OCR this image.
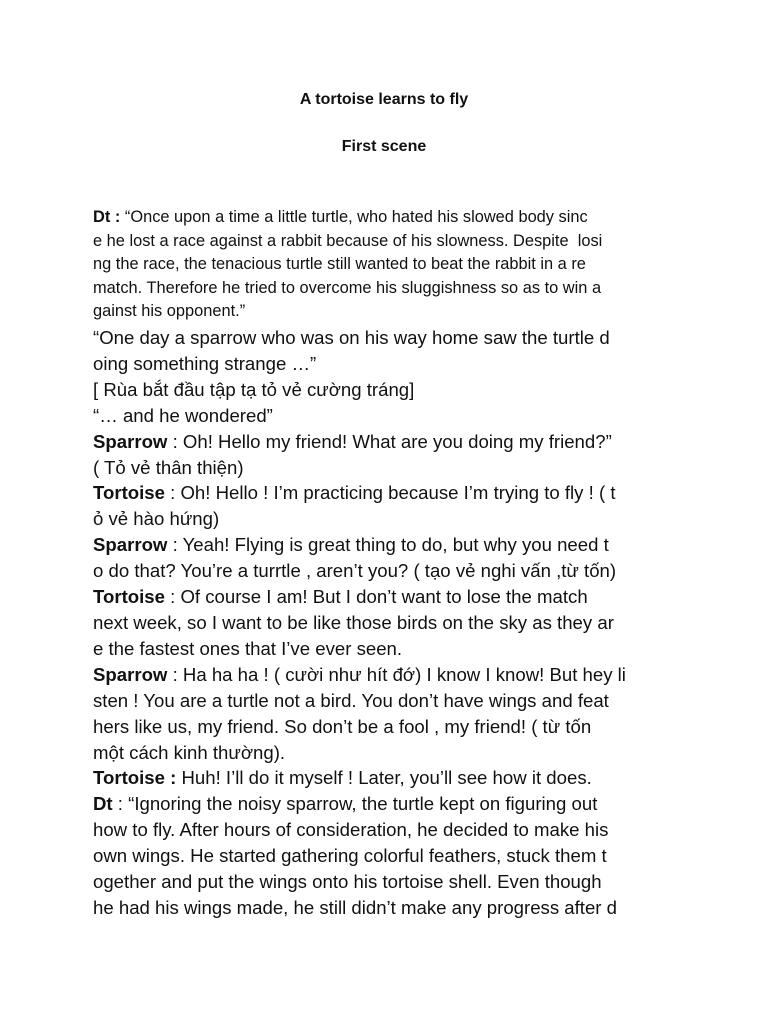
A tortoise learns to fly
First scene
Dt : “Once upon a time a little turtle, who hated his slowed body sinc
e he lost a race against a rabbit because of his slowness. Despite  losi
ng the race, the tenacious turtle still wanted to beat the rabbit in a re
match. Therefore he tried to overcome his sluggishness so as to win a
gainst his opponent.”
“One day a sparrow who was on his way home saw the turtle d
oing something strange …”
[ Rùa bắt đầu tập tạ tỏ vẻ cường tráng]
“… and he wondered”
Sparrow : Oh! Hello my friend! What are you doing my friend?”
( Tỏ vẻ thân thiện)
Tortoise : Oh! Hello ! I’m practicing because I’m trying to fly ! ( t
ỏ vẻ hào hứng)
Sparrow : Yeah! Flying is great thing to do, but why you need t
o do that? You’re a turrtle , aren’t you? ( tạo vẻ nghi vấn ,từ tốn)
Tortoise : Of course I am! But I don’t want to lose the match
next week, so I want to be like those birds on the sky as they ar
e the fastest ones that I’ve ever seen.
Sparrow : Ha ha ha ! ( cười như hít đớ) I know I know! But hey li
sten ! You are a turtle not a bird. You don’t have wings and feat
hers like us, my friend. So don’t be a fool , my friend! ( từ tốn
một cách kinh thường).
Tortoise : Huh! I’ll do it myself ! Later, you’ll see how it does.
Dt : “Ignoring the noisy sparrow, the turtle kept on figuring out
how to fly. After hours of consideration, he decided to make his
own wings. He started gathering colorful feathers, stuck them t
ogether and put the wings onto his tortoise shell. Even though
he had his wings made, he still didn’t make any progress after d
